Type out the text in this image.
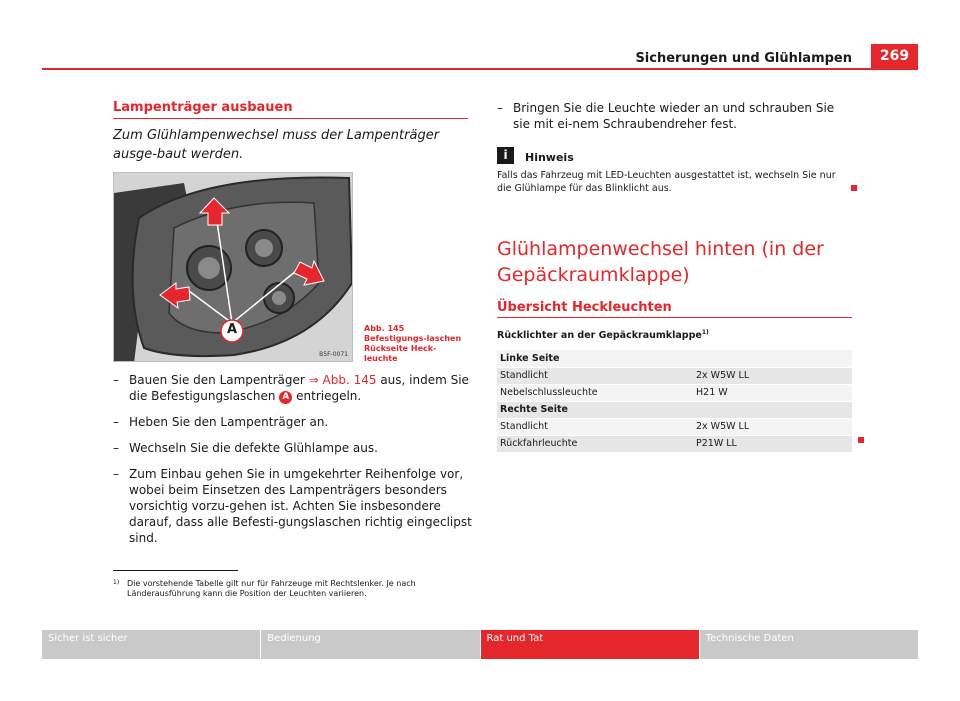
Sicherungen und Glühlampen	269
Lampenträger ausbauen
Zum Glühlampenwechsel muss der Lampenträger ausge-baut werden.
A
B5F-0071
Abb. 145 Befestigungs-laschen Rückseite Heck-leuchte
– Bauen Sie den Lampenträger ⇒ Abb. 145 aus, indem Sie die Befestigungslaschen A entriegeln.
– Heben Sie den Lampenträger an.
– Wechseln Sie die defekte Glühlampe aus.
– Zum Einbau gehen Sie in umgekehrter Reihenfolge vor, wobei beim Einsetzen des Lampenträgers besonders vorsichtig vorzu-gehen ist. Achten Sie insbesondere darauf, dass alle Befesti-gungslaschen richtig eingeclipst sind.
1) Die vorstehende Tabelle gilt nur für Fahrzeuge mit Rechtslenker. Je nach Länderausführung kann die Position der Leuchten variieren.
– Bringen Sie die Leuchte wieder an und schrauben Sie sie mit ei-nem Schraubendreher fest.
i	Hinweis
Falls das Fahrzeug mit LED-Leuchten ausgestattet ist, wechseln Sie nur die Glühlampe für das Blinklicht aus.
Glühlampenwechsel hinten (in der Gepäckraumklappe)
Übersicht Heckleuchten
Rücklichter an der Gepäckraumklappe$^{1)}$
Linke Seite	
Standlicht	2x W5W LL
Nebelschlussleuchte	H21 W
Rechte Seite	
Standlicht	2x W5W LL
Rückfahrleuchte	P21W LL
Sicher ist sicher	Bedienung	Rat und Tat	Technische Daten
